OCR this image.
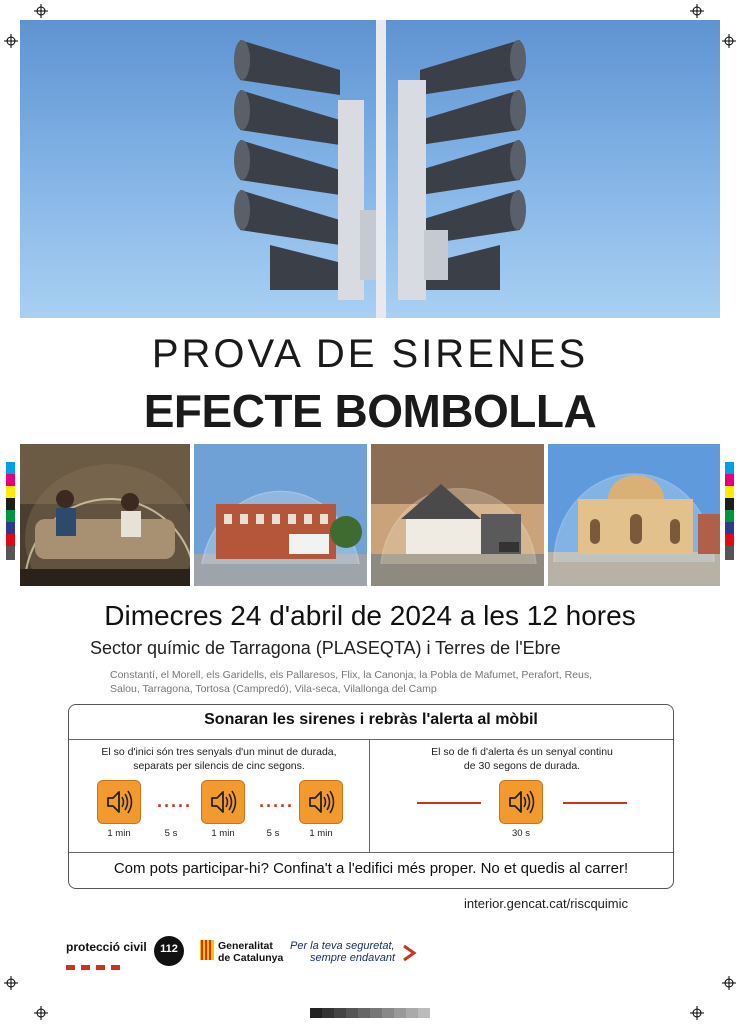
PROVA DE SIRENES
EFECTE BOMBOLLA
Dimecres 24 d'abril de 2024 a les 12 hores
Sector químic de Tarragona (PLASEQTA) i Terres de l'Ebre
Constantí, el Morell, els Garidells, els Pallaresos, Flix, la Canonja, la Pobla de Mafumet, Perafort, Reus,
Salou, Tarragona, Tortosa (Campredó), Vila-seca, Vilallonga del Camp
Sonaran les sirenes i rebràs l'alerta al mòbil
El so d'inici són tres senyals d'un minut de durada,
separats per silencis de cinc segons.
·····	·····
1 min	5 s	1 min	5 s	1 min
El so de fi d'alerta és un senyal continu
de 30 segons de durada.
30 s
Com pots participar-hi? Confina't a l'edifici més proper. No et quedis al carrer!
interior.gencat.cat/riscquimic
protecció civil	112	Generalitat
de Catalunya
Per la teva seguretat,
sempre endavant
